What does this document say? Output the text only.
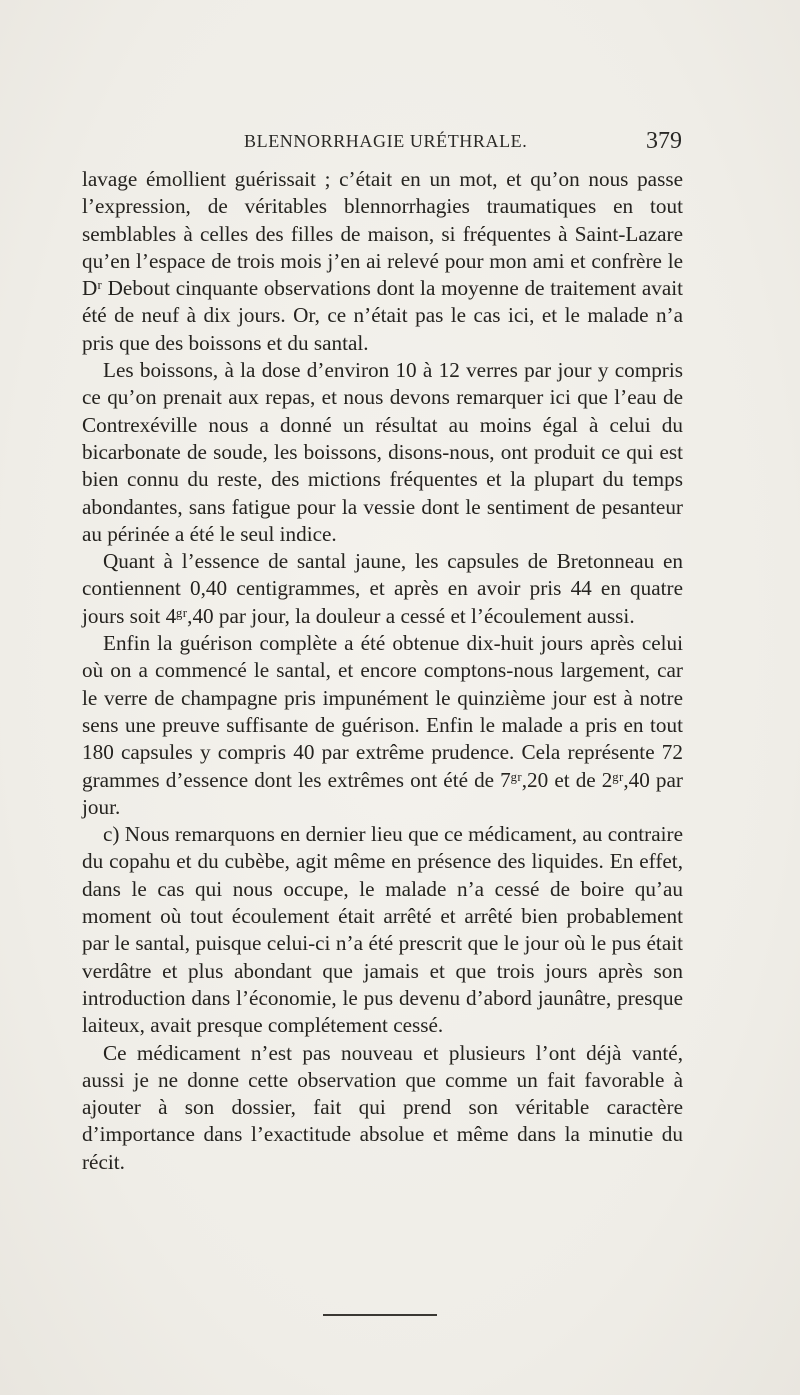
BLENNORRHAGIE URÉTHRALE.	379

lavage émollient guérissait ; c’était en un mot, et qu’on nous passe l’expression, de véritables blennorrhagies traumatiques en tout semblables à celles des filles de maison, si fréquentes à Saint-Lazare qu’en l’espace de trois mois j’en ai relevé pour mon ami et confrère le Dʳ Debout cinquante observations dont la moyenne de traitement avait été de neuf à dix jours. Or, ce n’était pas le cas ici, et le malade n’a pris que des boissons et du santal.

Les boissons, à la dose d’environ 10 à 12 verres par jour y compris ce qu’on prenait aux repas, et nous devons remarquer ici que l’eau de Contrexéville nous a donné un résultat au moins égal à celui du bicarbonate de soude, les boissons, disons-nous, ont produit ce qui est bien connu du reste, des mictions fréquentes et la plupart du temps abondantes, sans fatigue pour la vessie dont le sentiment de pesanteur au périnée a été le seul indice.

Quant à l’essence de santal jaune, les capsules de Bretonneau en contiennent 0,40 centigrammes, et après en avoir pris 44 en quatre jours soit 4ᵍʳ,40 par jour, la douleur a cessé et l’écoulement aussi.

Enfin la guérison complète a été obtenue dix-huit jours après celui où on a commencé le santal, et encore comptons-nous largement, car le verre de champagne pris impunément le quinzième jour est à notre sens une preuve suffisante de guérison. Enfin le malade a pris en tout 180 capsules y compris 40 par extrême prudence. Cela représente 72 grammes d’essence dont les extrêmes ont été de 7ᵍʳ,20 et de 2ᵍʳ,40 par jour.

c) Nous remarquons en dernier lieu que ce médicament, au contraire du copahu et du cubèbe, agit même en présence des liquides. En effet, dans le cas qui nous occupe, le malade n’a cessé de boire qu’au moment où tout écoulement était arrêté et arrêté bien probablement par le santal, puisque celui-ci n’a été prescrit que le jour où le pus était verdâtre et plus abondant que jamais et que trois jours après son introduction dans l’économie, le pus devenu d’abord jaunâtre, presque laiteux, avait presque complétement cessé.

Ce médicament n’est pas nouveau et plusieurs l’ont déjà vanté, aussi je ne donne cette observation que comme un fait favorable à ajouter à son dossier, fait qui prend son véritable caractère d’importance dans l’exactitude absolue et même dans la minutie du récit.
